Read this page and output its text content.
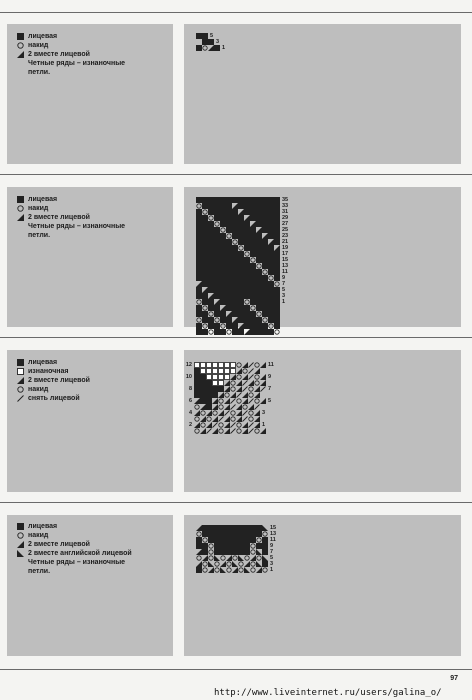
лицевая
накид
2 вместе лицевой
Четные ряды – изнаночные петли.
лицевая
накид
2 вместе лицевой
Четные ряды – изнаночные петли.
лицевая
изнаночная
2 вместе лицевой
накид
снять лицевой
лицевая
накид
2 вместе лицевой
2 вместе английской лицевой
Четные ряды – изнаночные петли.
5
3
1
35
33
31
29
27
25
23
21
19
17
15
13
11
9
7
5
3
1
12	11
10	9
8	7
6	5
4	3
2	1
15
13
11
9
7
5
3
1
97
http://www.liveinternet.ru/users/galina_o/
